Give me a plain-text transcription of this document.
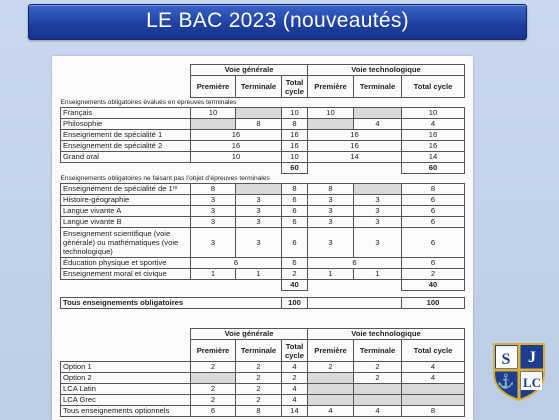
LE BAC 2023 (nouveautés)
	Voie générale			Voie technologique		
	Première	Terminale	Total cycle	Première	Terminale	Total cycle
Enseignements obligatoires évalués en épreuves terminales						
Français	10		10	10		10
Philosophie		8	8		4	4
Enseignement de spécialité 1	16		16	16		16
Enseignement de spécialité 2	16		16	16		16
Grand oral	10		10	14		14
			60			60
Enseignements obligatoires ne faisant pas l’objet d’épreuves terminales						
Enseignement de spécialité de 1ʳᵉ	8		8	8		8
Histoire-géographie	3	3	6	3	3	6
Langue vivante A	3	3	6	3	3	6
Langue vivante B	3	3	6	3	3	6
Enseignement scientifique (voie générale) ou mathématiques (voie technologique)	3	3	6	3	3	6
Éducation physique et sportive	6		6	6		6
Enseignement moral et civique	1	1	2	1	1	2
			40			40

Tous enseignements obligatoires			100			100
	Voie générale			Voie technologique		
	Première	Terminale	Total cycle	Première	Terminale	Total cycle
Option 1	2	2	4	2	2	4
Option 2		2	2		2	4
LCA Latin	2	2	4			
LCA Grec	2	2	4			
Tous enseignements optionnels	6	8	14	4	4	8
S J
⚓ LC
